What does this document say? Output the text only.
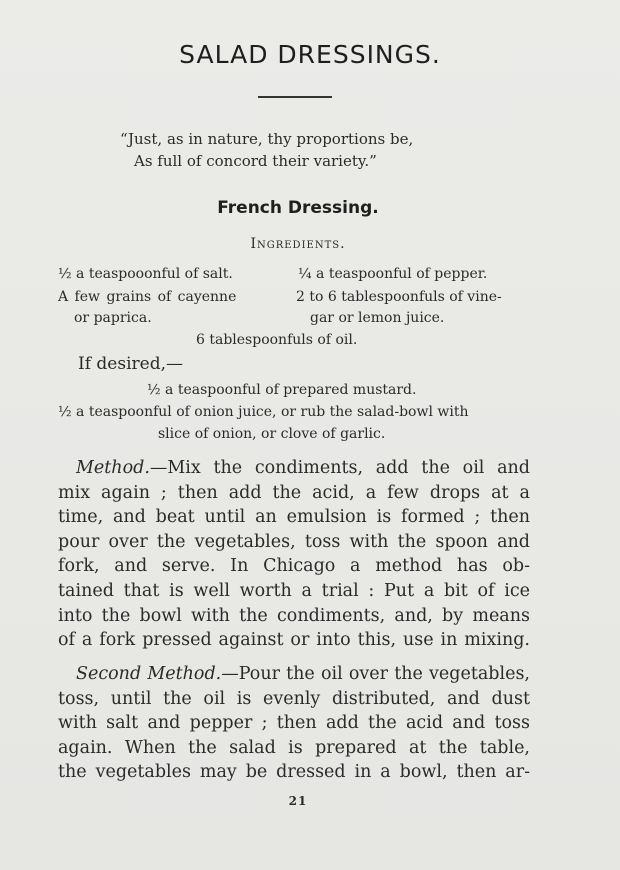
SALAD DRESSINGS.
“Just, as in nature, thy proportions be,
As full of concord their variety.”
French Dressing.
Ingredients.
½ a teaspooonful of salt.	¼ a teaspoonful of pepper.
A few grains of cayenne	2 to 6 tablespoonfuls of vine-
or paprica.	gar or lemon juice.
6 tablespoonfuls of oil.
If desired,—
½ a teaspoonful of prepared mustard.
½ a teaspoonful of onion juice, or rub the salad-bowl with
slice of onion, or clove of garlic.
Method.—Mix the condiments, add the oil and
mix again ; then add the acid, a few drops at a
time, and beat until an emulsion is formed ; then
pour over the vegetables, toss with the spoon and
fork, and serve. In Chicago a method has ob-
tained that is well worth a trial : Put a bit of ice
into the bowl with the condiments, and, by means
of a fork pressed against or into this, use in mixing.
Second Method.—Pour the oil over the vegetables,
toss, until the oil is evenly distributed, and dust
with salt and pepper ; then add the acid and toss
again. When the salad is prepared at the table,
the vegetables may be dressed in a bowl, then ar-
21
